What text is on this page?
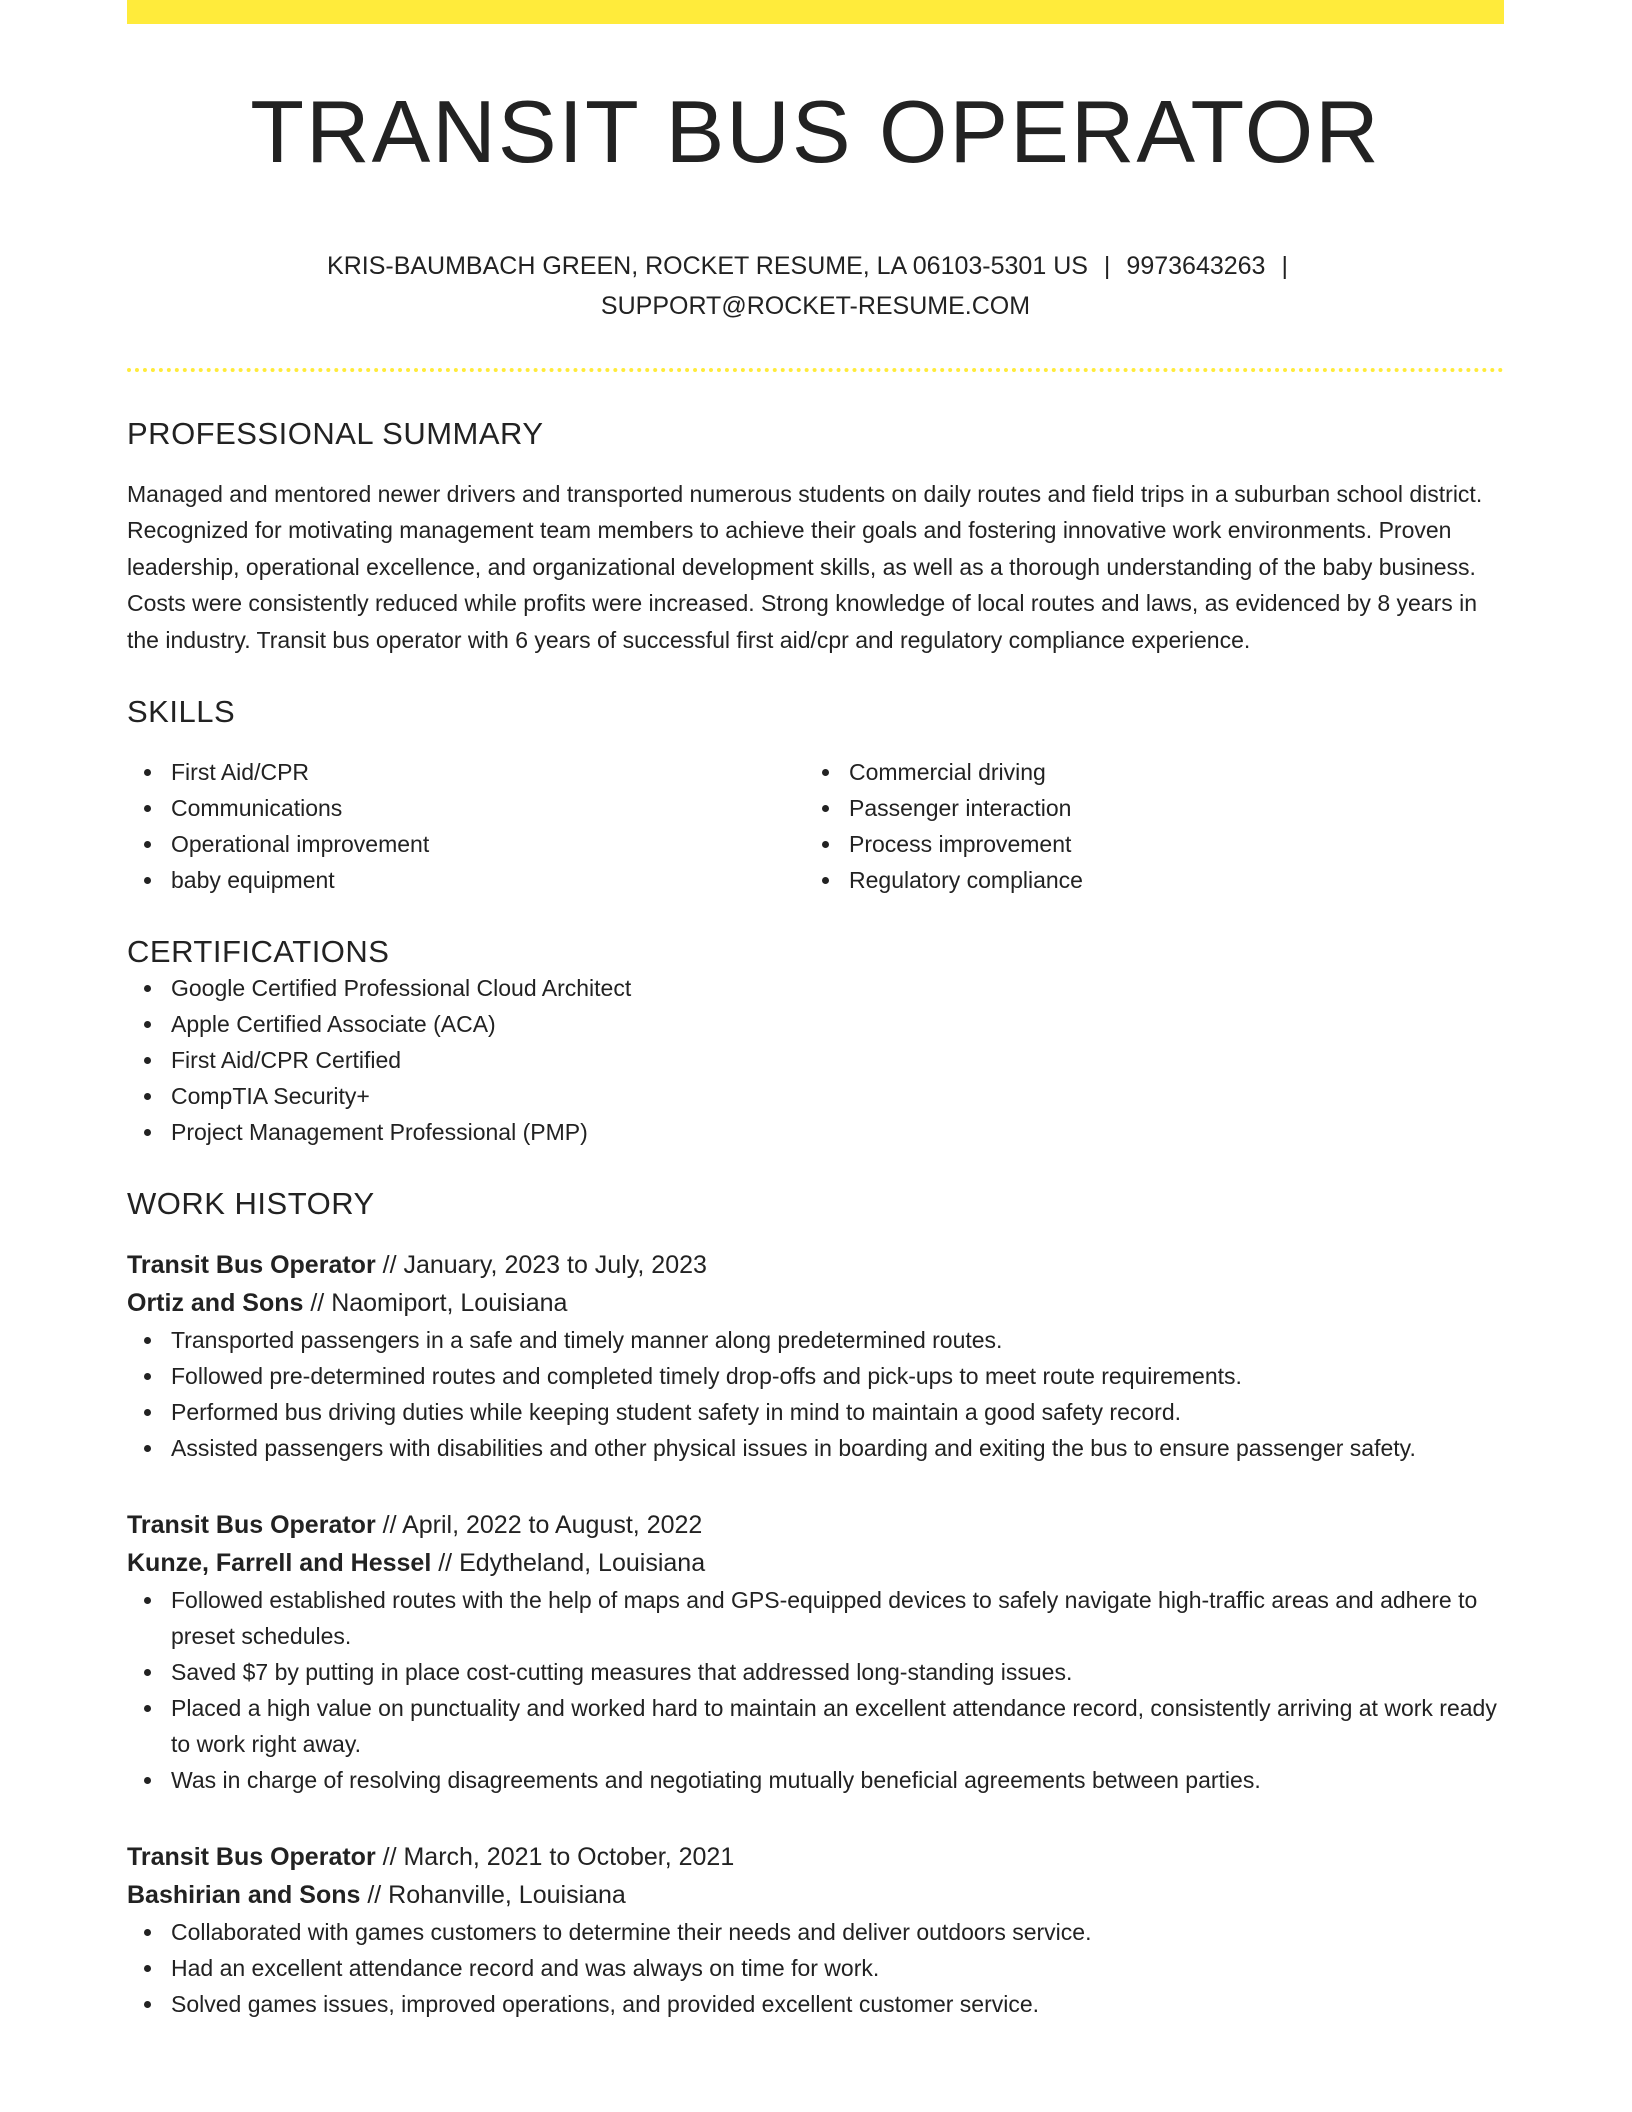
TRANSIT BUS OPERATOR
KRIS-BAUMBACH GREEN, ROCKET RESUME, LA 06103-5301 US | 9973643263 |
SUPPORT@ROCKET-RESUME.COM
PROFESSIONAL SUMMARY

Managed and mentored newer drivers and transported numerous students on daily routes and field trips in a suburban school district. Recognized for motivating management team members to achieve their goals and fostering innovative work environments. Proven leadership, operational excellence, and organizational development skills, as well as a thorough understanding of the baby business. Costs were consistently reduced while profits were increased. Strong knowledge of local routes and laws, as evidenced by 8 years in the industry. Transit bus operator with 6 years of successful first aid/cpr and regulatory compliance experience.

SKILLS
First Aid/CPR
Communications
Operational improvement
baby equipment
Commercial driving
Passenger interaction
Process improvement
Regulatory compliance
CERTIFICATIONS
Google Certified Professional Cloud Architect
Apple Certified Associate (ACA)
First Aid/CPR Certified
CompTIA Security+
Project Management Professional (PMP)
WORK HISTORY
Transit Bus Operator // January, 2023 to July, 2023
Ortiz and Sons // Naomiport, Louisiana
Transported passengers in a safe and timely manner along predetermined routes.
Followed pre-determined routes and completed timely drop-offs and pick-ups to meet route requirements.
Performed bus driving duties while keeping student safety in mind to maintain a good safety record.
Assisted passengers with disabilities and other physical issues in boarding and exiting the bus to ensure passenger safety.
Transit Bus Operator // April, 2022 to August, 2022
Kunze, Farrell and Hessel // Edytheland, Louisiana
Followed established routes with the help of maps and GPS-equipped devices to safely navigate high-traffic areas and adhere to preset schedules.
Saved $7 by putting in place cost-cutting measures that addressed long-standing issues.
Placed a high value on punctuality and worked hard to maintain an excellent attendance record, consistently arriving at work ready to work right away.
Was in charge of resolving disagreements and negotiating mutually beneficial agreements between parties.
Transit Bus Operator // March, 2021 to October, 2021
Bashirian and Sons // Rohanville, Louisiana
Collaborated with games customers to determine their needs and deliver outdoors service.
Had an excellent attendance record and was always on time for work.
Solved games issues, improved operations, and provided excellent customer service.
